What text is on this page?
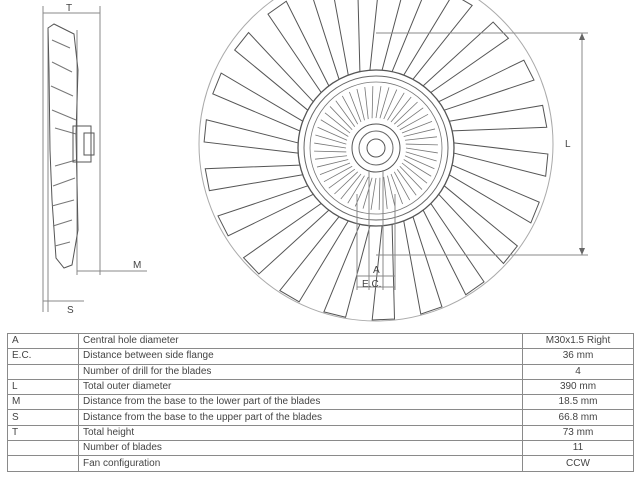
T
M
S
L
A
E.C.
A	Central hole diameter	M30x1.5 Right
E.C.	Distance between side flange	36 mm
	Number of drill for the blades	4
L	Total outer diameter	390 mm
M	Distance from the base to the lower part of the blades	18.5 mm
S	Distance from the base to the upper part of the blades	66.8 mm
T	Total height	73 mm
	Number of blades	11
	Fan configuration	CCW
